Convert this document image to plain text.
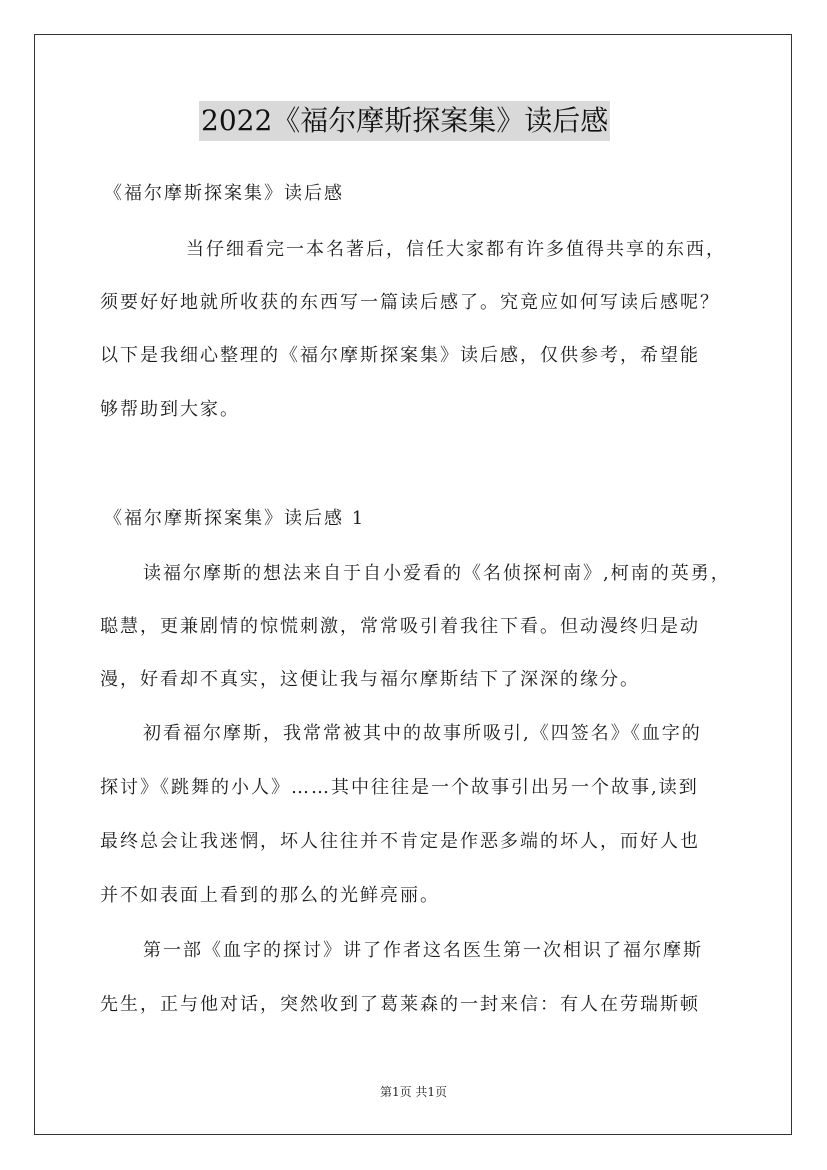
2022《福尔摩斯探案集》读后感
《福尔摩斯探案集》读后感
当仔细看完一本名著后，信任大家都有许多值得共享的东西，
须要好好地就所收获的东西写一篇读后感了。究竟应如何写读后感呢？
以下是我细心整理的《福尔摩斯探案集》读后感，仅供参考，希望能
够帮助到大家。
《福尔摩斯探案集》读后感 1
读福尔摩斯的想法来自于自小爱看的《名侦探柯南》,柯南的英勇，
聪慧，更兼剧情的惊慌刺激，常常吸引着我往下看。但动漫终归是动
漫，好看却不真实，这便让我与福尔摩斯结下了深深的缘分。
初看福尔摩斯，我常常被其中的故事所吸引,《四签名》《血字的
探讨》《跳舞的小人》……其中往往是一个故事引出另一个故事,读到
最终总会让我迷惘，坏人往往并不肯定是作恶多端的坏人，而好人也
并不如表面上看到的那么的光鲜亮丽。
第一部《血字的探讨》讲了作者这名医生第一次相识了福尔摩斯
先生，正与他对话，突然收到了葛莱森的一封来信：有人在劳瑞斯顿
第1页 共1页
